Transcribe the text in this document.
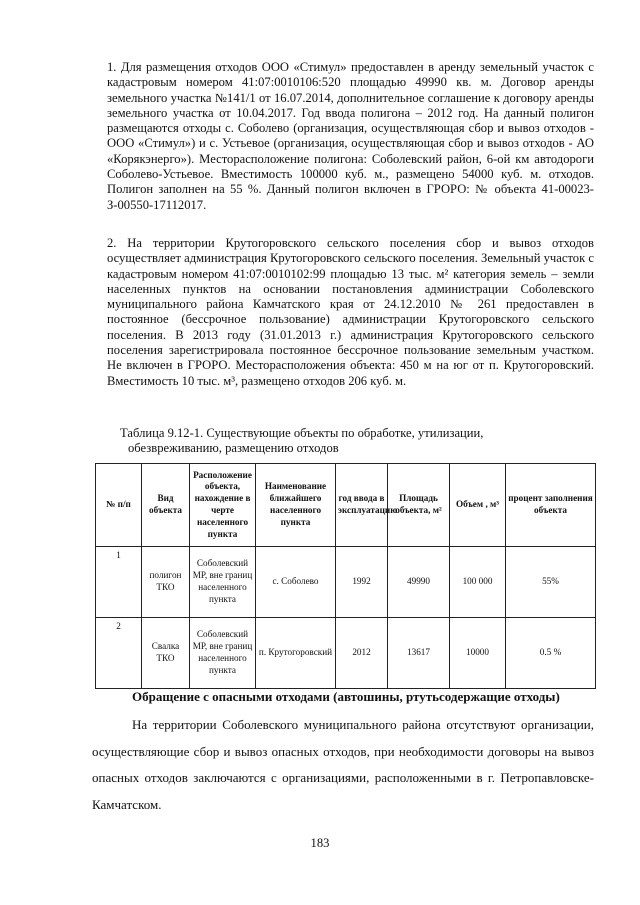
1. Для размещения отходов ООО «Стимул» предоставлен в аренду земельный участок с кадастровым номером 41:07:0010106:520 площадью 49990 кв. м. Договор аренды земельного участка №141/1 от 16.07.2014, дополнительное соглашение к договору аренды земельного участка от 10.04.2017. Год ввода полигона – 2012 год. На данный полигон размещаются отходы с. Соболево (организация, осуществляющая сбор и вывоз отходов - ООО «Стимул») и с. Устьевое (организация, осуществляющая сбор и вывоз отходов - АО «Корякэнерго»). Месторасположение полигона: Соболевский район, 6-ой км автодороги Соболево-Устьевое. Вместимость 100000 куб. м., размещено 54000 куб. м. отходов. Полигон заполнен на 55 %. Данный полигон включен в ГРОРО: № объекта 41-00023-З-00550-17112017.

2. На территории Крутогоровского сельского поселения сбор и вывоз отходов осуществляет администрация Крутогоровского сельского поселения. Земельный участок с кадастровым номером 41:07:0010102:99 площадью 13 тыс. м² категория земель – земли населенных пунктов на основании постановления администрации Соболевского муниципального района Камчатского края от 24.12.2010 № 261 предоставлен в постоянное (бессрочное пользование) администрации Крутогоровского сельского поселения. В 2013 году (31.01.2013 г.) администрация Крутогоровского сельского поселения зарегистрировала постоянное бессрочное пользование земельным участком. Не включен в ГРОРО. Месторасположения объекта: 450 м на юг от п. Крутогоровский. Вместимость 10 тыс. м³, размещено отходов 206 куб. м.

Таблица 9.12-1. Существующие объекты по обработке, утилизации,
обезвреживанию, размещению отходов
№ п/п	Вид объекта	Расположение объекта, нахождение в черте населенного пункта	Наименование ближайшего населенного пункта	год ввода в эксплуатацию	Площадь объекта, м²	Объем , м³	процент заполнения объекта
1	полигон ТКО	Соболевский МР, вне границ населенного пункта	с. Соболево	1992	49990	100 000	55%
2	Свалка ТКО	Соболевский МР, вне границ населенного пункта	п. Крутогоровский	2012	13617	10000	0.5 %
Обращение с опасными отходами (автошины, ртутьсодержащие отходы)

На территории Соболевского муниципального района отсутствуют организации, осуществляющие сбор и вывоз опасных отходов, при необходимости договоры на вывоз опасных отходов заключаются с организациями, расположенными в г. Петропавловске-Камчатском.

183
